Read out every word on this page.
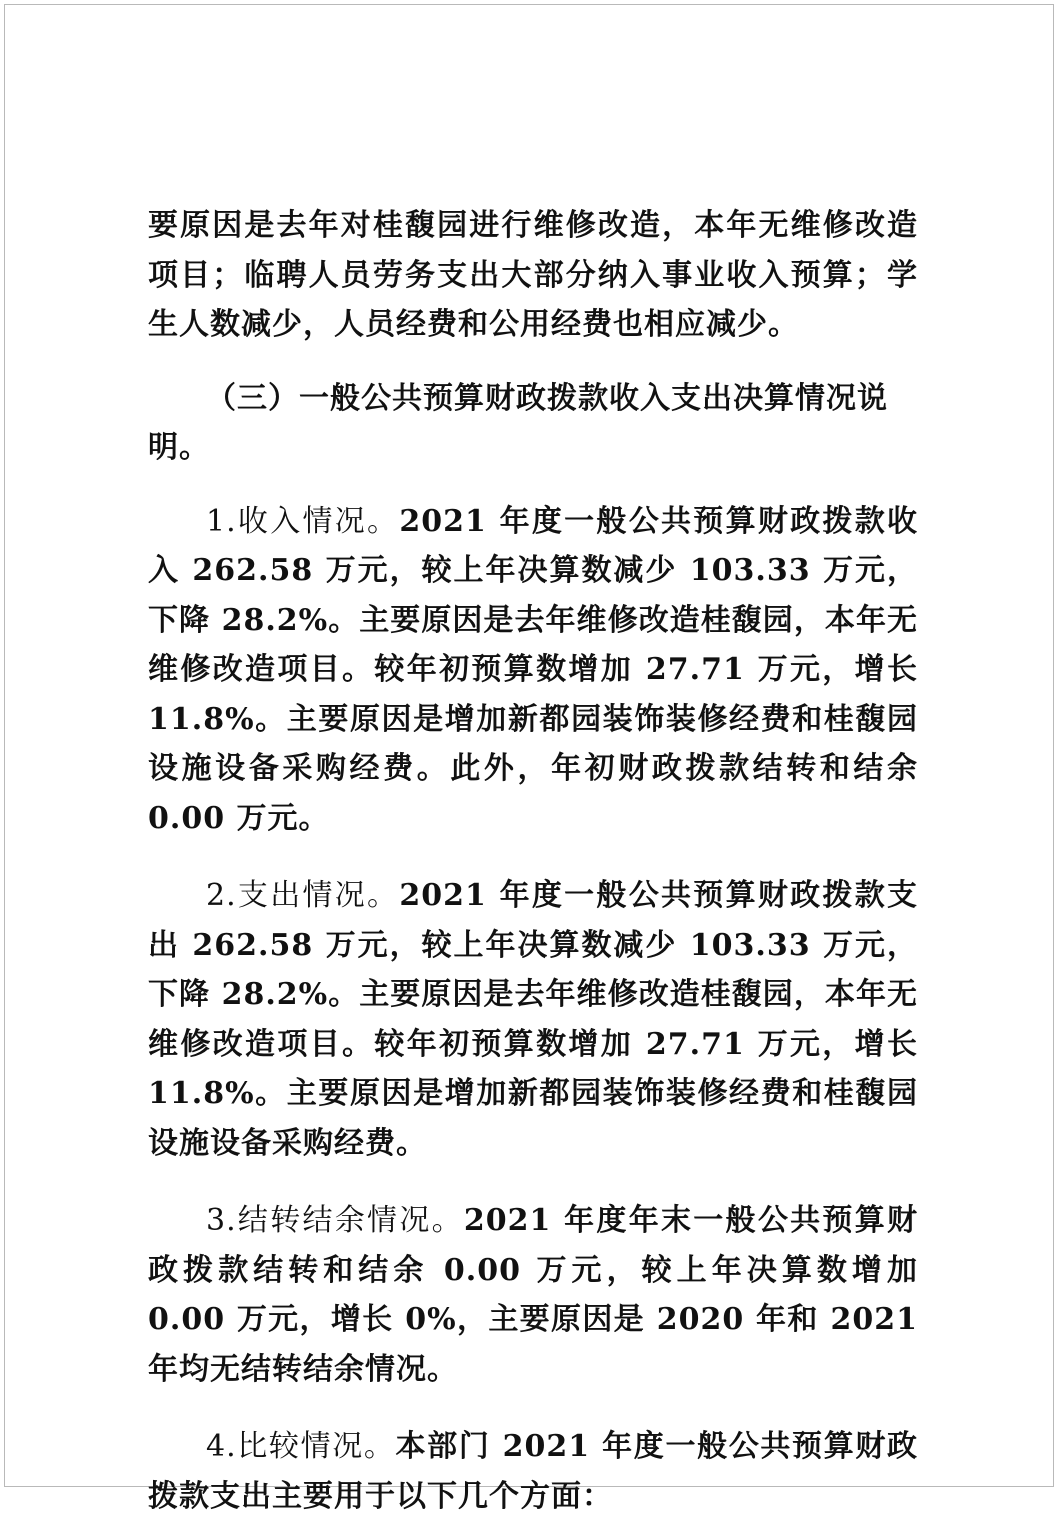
要原因是去年对桂馥园进行维修改造，本年无维修改造项目；临聘人员劳务支出大部分纳入事业收入预算；学生人数减少，人员经费和公用经费也相应减少。

（三）一般公共预算财政拨款收入支出决算情况说明。

1.收入情况。2021 年度一般公共预算财政拨款收入 262.58 万元，较上年决算数减少 103.33 万元，下降 28.2%。主要原因是去年维修改造桂馥园，本年无维修改造项目。较年初预算数增加 27.71 万元，增长 11.8%。主要原因是增加新都园装饰装修经费和桂馥园设施设备采购经费。此外，年初财政拨款结转和结余 0.00 万元。

2.支出情况。2021 年度一般公共预算财政拨款支出 262.58 万元，较上年决算数减少 103.33 万元，下降 28.2%。主要原因是去年维修改造桂馥园，本年无维修改造项目。较年初预算数增加 27.71 万元，增长 11.8%。主要原因是增加新都园装饰装修经费和桂馥园设施设备采购经费。

3.结转结余情况。2021 年度年末一般公共预算财政拨款结转和结余 0.00 万元，较上年决算数增加 0.00 万元，增长 0%，主要原因是 2020 年和 2021 年均无结转结余情况。

4.比较情况。本部门 2021 年度一般公共预算财政拨款支出主要用于以下几个方面：
